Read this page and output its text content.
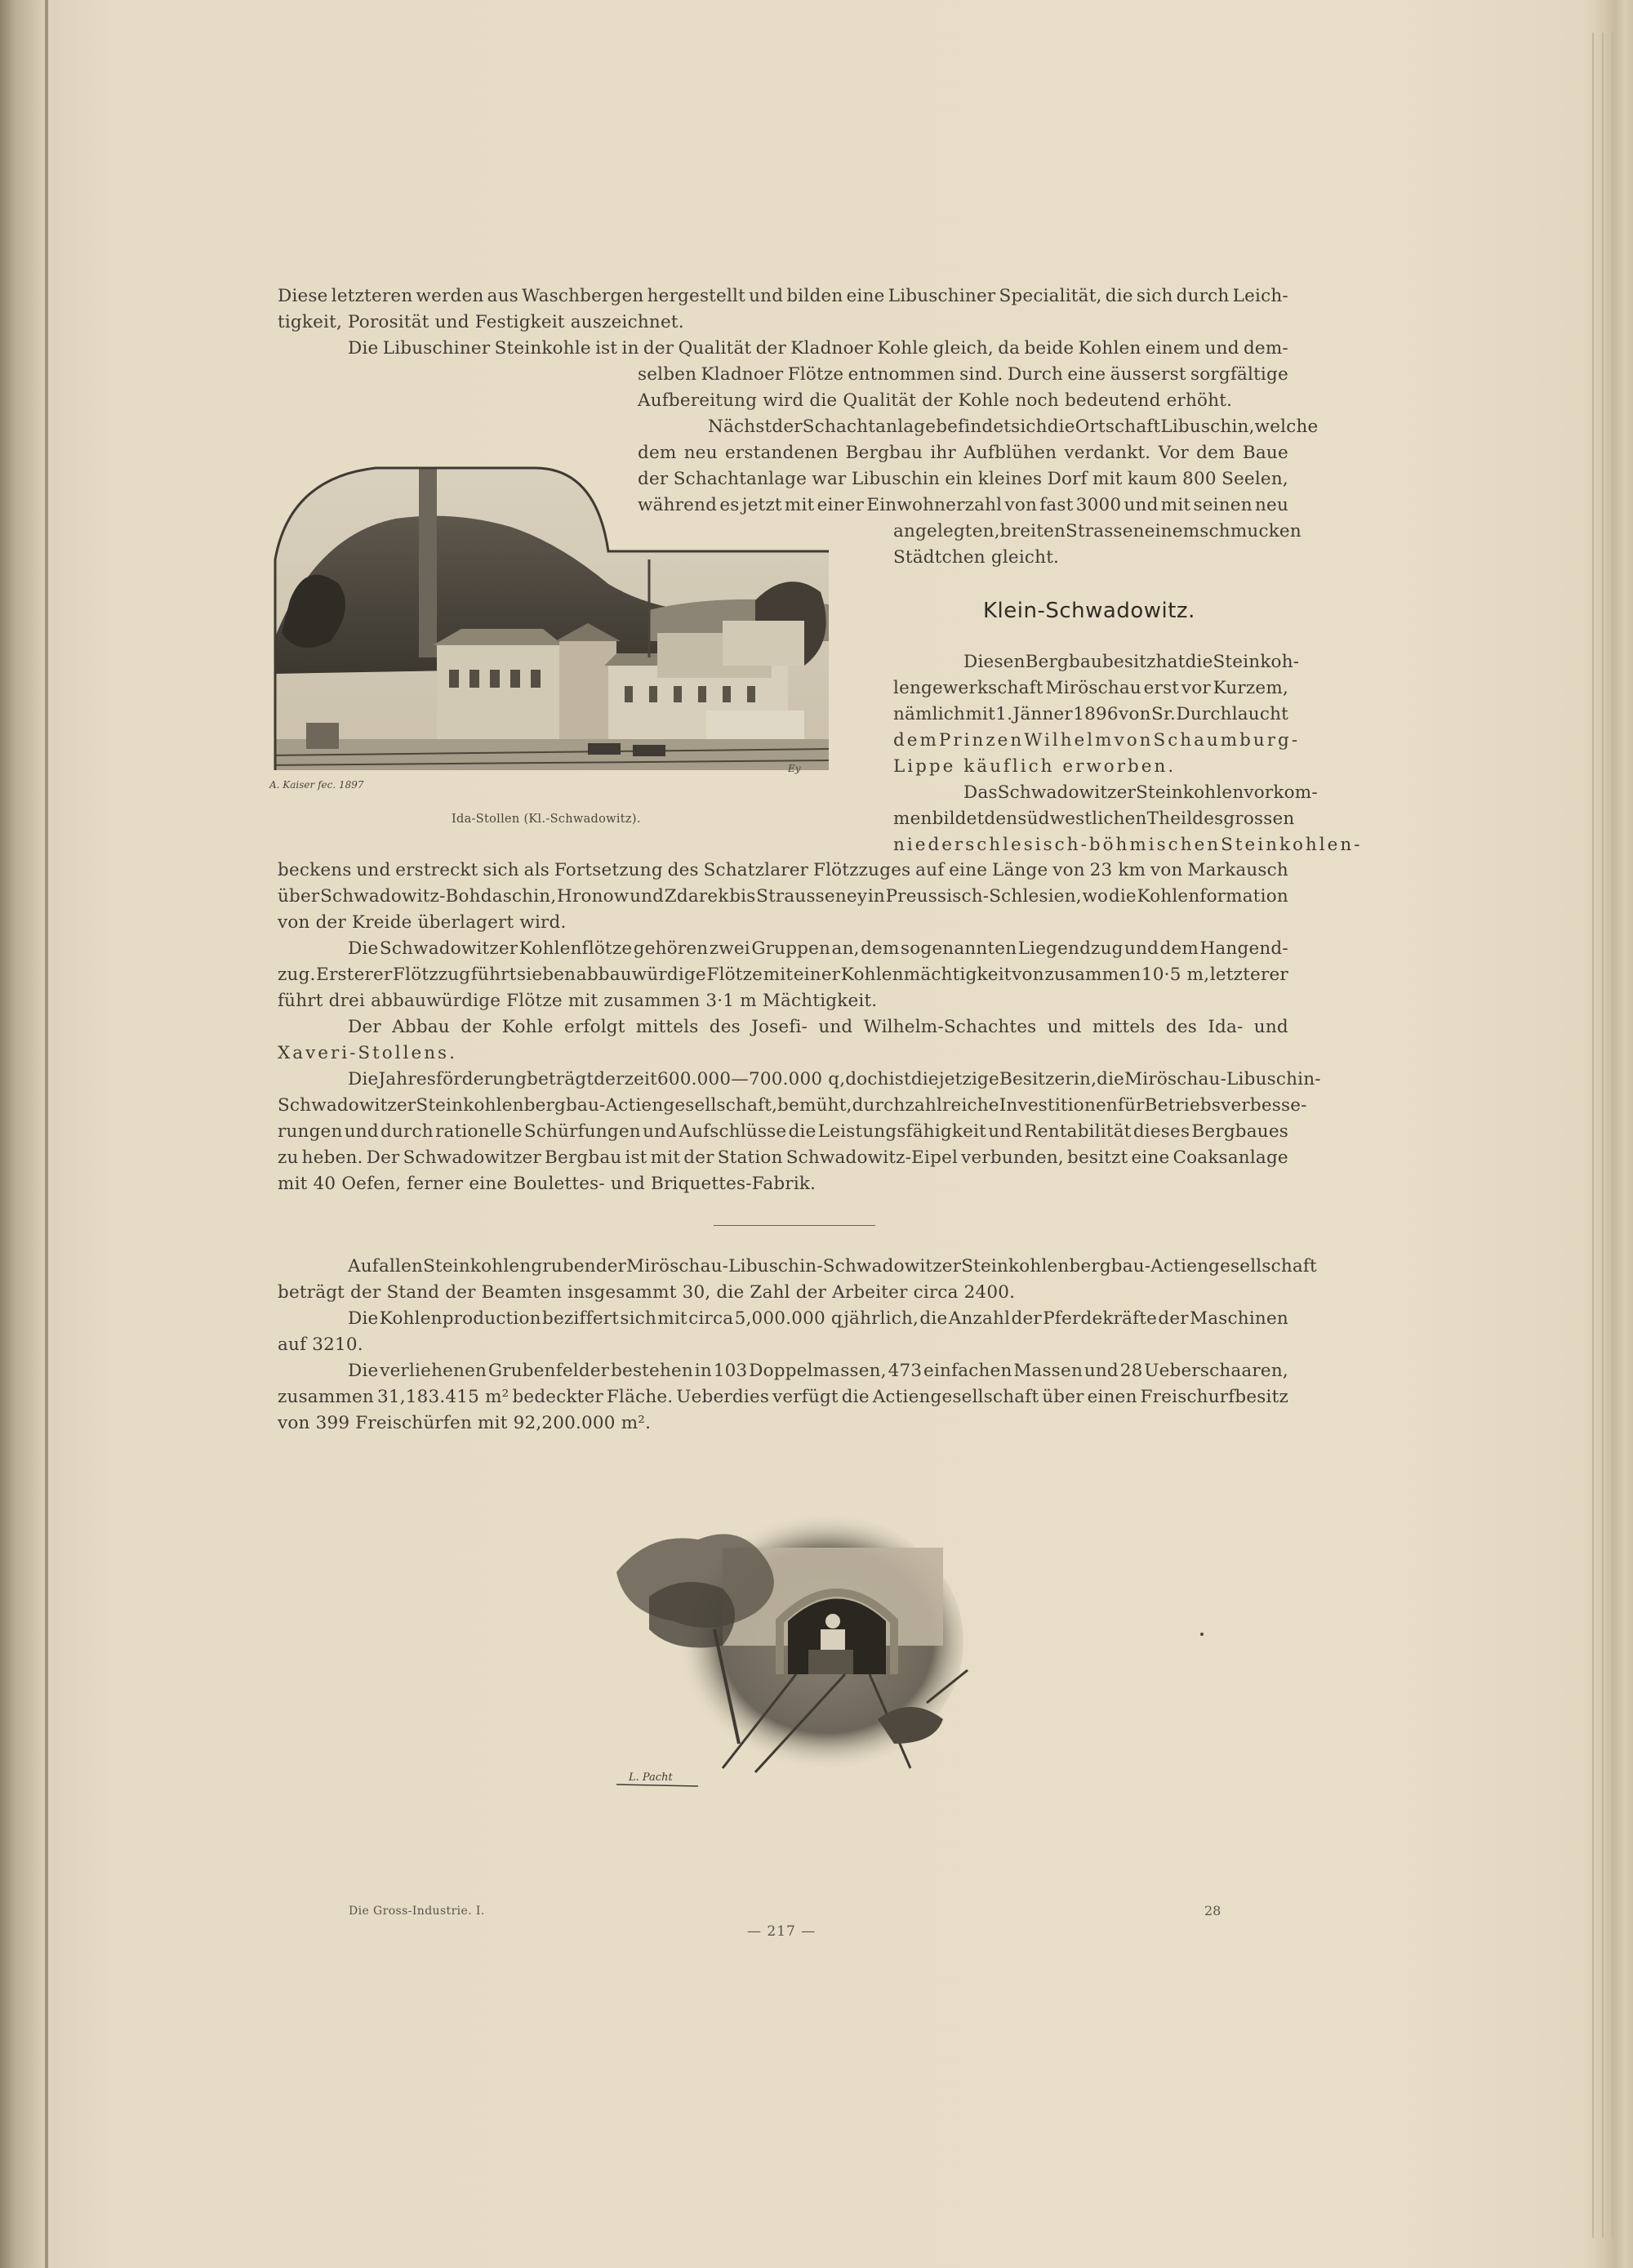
Diese letzteren werden aus Waschbergen hergestellt und bilden eine Libuschiner Specialität, die sich durch Leich-
tigkeit, Porosität und Festigkeit auszeichnet.
Die Libuschiner Steinkohle ist in der Qualität der Kladnoer Kohle gleich, da beide Kohlen einem und dem-
selben Kladnoer Flötze entnommen sind. Durch eine äusserst sorgfältige
Aufbereitung wird die Qualität der Kohle noch bedeutend erhöht.
Nächst der Schachtanlage befindet sich die Ortschaft Libuschin, welche
dem neu erstandenen Bergbau ihr Aufblühen verdankt. Vor dem Baue
der Schachtanlage war Libuschin ein kleines Dorf mit kaum 800 Seelen,
während es jetzt mit einer Einwohnerzahl von fast 3000 und mit seinen neu
angelegten, breiten Strassen einem schmucken
Städtchen gleicht.
Klein-Schwadowitz.
Diesen Bergbaubesitz hat die Steinkoh-
lengewerkschaft Miröschau erst vor Kurzem,
nämlich mit 1. Jänner 1896 von Sr. Durchlaucht
dem Prinzen Wilhelm von Schaumburg-
Lippe käuflich erworben.
Das Schwadowitzer Steinkohlenvorkom-
men bildet den südwestlichen Theil des grossen
niederschlesisch-böhmischen Steinkohlen-
beckens und erstreckt sich als Fortsetzung des Schatzlarer Flötzzuges auf eine Länge von 23 km von Markausch
über Schwadowitz-Bohdaschin, Hronow und Zdarek bis Strausseney in Preussisch-Schlesien, wo die Kohlenformation
von der Kreide überlagert wird.
Die Schwadowitzer Kohlenflötze gehören zwei Gruppen an, dem sogenannten Liegendzug und dem Hangend-
zug. Ersterer Flötzzug führt sieben abbauwürdige Flötze mit einer Kohlenmächtigkeit von zusammen 10·5 m, letzterer
führt drei abbauwürdige Flötze mit zusammen 3·1 m Mächtigkeit.
Der Abbau der Kohle erfolgt mittels des Josefi- und Wilhelm-Schachtes und mittels des Ida- und
Xaveri-Stollens.
Die Jahresförderung beträgt derzeit 600.000—700.000 q, doch ist die jetzige Besitzerin, die Miröschau-Libuschin-
Schwadowitzer Steinkohlenbergbau-Actiengesellschaft, bemüht, durch zahlreiche Investitionen für Betriebsverbesse-
rungen und durch rationelle Schürfungen und Aufschlüsse die Leistungsfähigkeit und Rentabilität dieses Bergbaues
zu heben. Der Schwadowitzer Bergbau ist mit der Station Schwadowitz-Eipel verbunden, besitzt eine Coaksanlage
mit 40 Oefen, ferner eine Boulettes- und Briquettes-Fabrik.
Auf allen Steinkohlengruben der Miröschau-Libuschin-Schwadowitzer Steinkohlenbergbau-Actiengesellschaft
beträgt der Stand der Beamten insgesammt 30, die Zahl der Arbeiter circa 2400.
Die Kohlenproduction beziffert sich mit circa 5,000.000 q jährlich, die Anzahl der Pferdekräfte der Maschinen
auf 3210.
Die verliehenen Grubenfelder bestehen in 103 Doppelmassen, 473 einfachen Massen und 28 Ueberschaaren,
zusammen 31,183.415 m² bedeckter Fläche. Ueberdies verfügt die Actiengesellschaft über einen Freischurfbesitz
von 399 Freischürfen mit 92,200.000 m².
A. Kaiser fec. 1897
Ey
Ida-Stollen (Kl.-Schwadowitz).
L. Pacht
Die Gross-Industrie. I.	28
— 217 —
